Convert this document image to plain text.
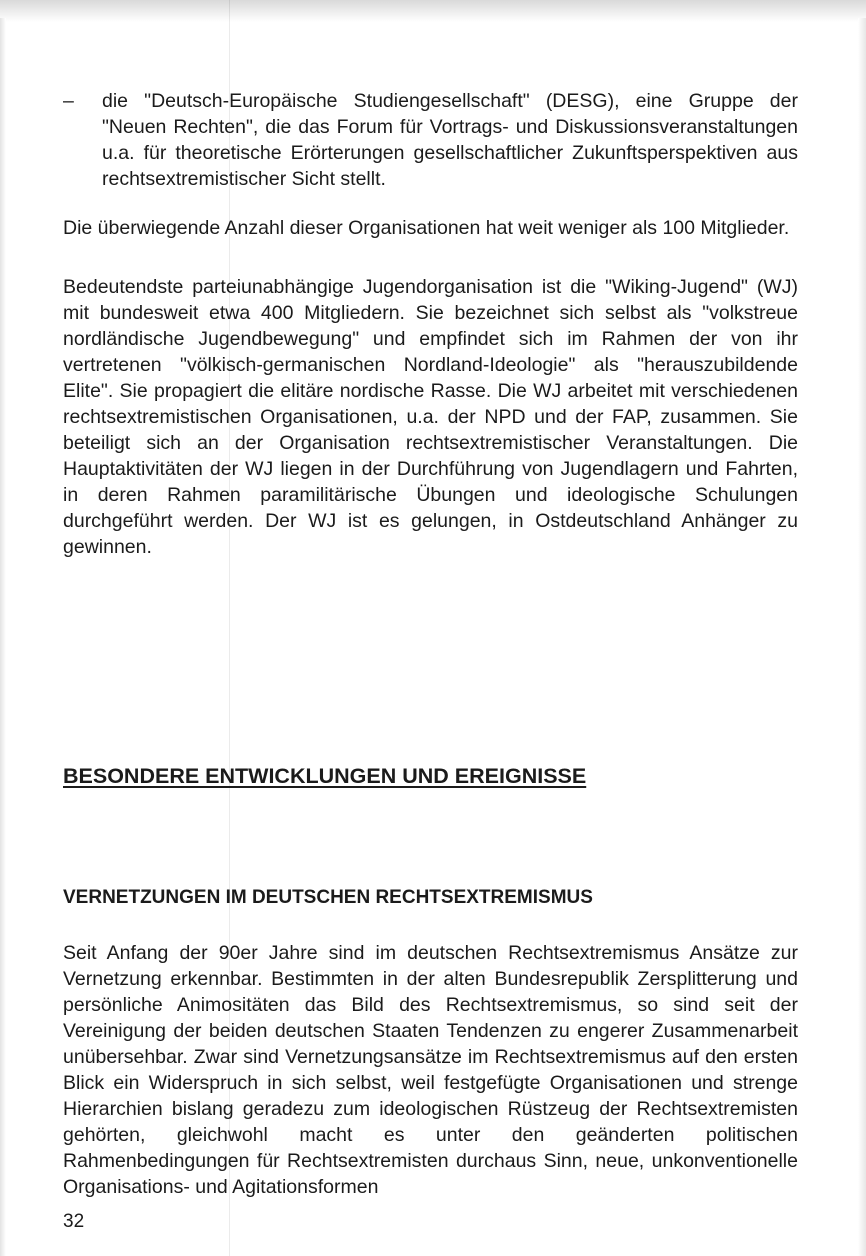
– die "Deutsch-Europäische Studiengesellschaft" (DESG), eine Gruppe der "Neuen Rechten", die das Forum für Vortrags- und Diskussionsveranstaltungen u.a. für theoretische Erörterungen gesellschaftlicher Zukunftsperspektiven aus rechtsextremistischer Sicht stellt.

Die überwiegende Anzahl dieser Organisationen hat weit weniger als 100 Mitglieder.

Bedeutendste parteiunabhängige Jugendorganisation ist die "Wiking-Jugend" (WJ) mit bundesweit etwa 400 Mitgliedern. Sie bezeichnet sich selbst als "volkstreue nordländische Jugendbewegung" und empfindet sich im Rahmen der von ihr vertretenen "völkisch-germanischen Nordland-Ideologie" als "herauszubildende Elite". Sie propagiert die elitäre nordische Rasse. Die WJ arbeitet mit verschiedenen rechtsextremistischen Organisationen, u.a. der NPD und der FAP, zusammen. Sie beteiligt sich an der Organisation rechtsextremistischer Veranstaltungen. Die Hauptaktivitäten der WJ liegen in der Durchführung von Jugendlagern und Fahrten, in deren Rahmen paramilitärische Übungen und ideologische Schulungen durchgeführt werden. Der WJ ist es gelungen, in Ostdeutschland Anhänger zu gewinnen.

BESONDERE ENTWICKLUNGEN UND EREIGNISSE
VERNETZUNGEN IM DEUTSCHEN RECHTSEXTREMISMUS

Seit Anfang der 90er Jahre sind im deutschen Rechtsextremismus Ansätze zur Vernetzung erkennbar. Bestimmten in der alten Bundesrepublik Zersplitterung und persönliche Animositäten das Bild des Rechtsextremismus, so sind seit der Vereinigung der beiden deutschen Staaten Tendenzen zu engerer Zusammenarbeit unübersehbar. Zwar sind Vernetzungsansätze im Rechtsextremismus auf den ersten Blick ein Widerspruch in sich selbst, weil festgefügte Organisationen und strenge Hierarchien bislang geradezu zum ideologischen Rüstzeug der Rechtsextremisten gehörten, gleichwohl macht es unter den geänderten politischen Rahmenbedingungen für Rechtsextremisten durchaus Sinn, neue, unkonventionelle Organisations- und Agitationsformen

32
